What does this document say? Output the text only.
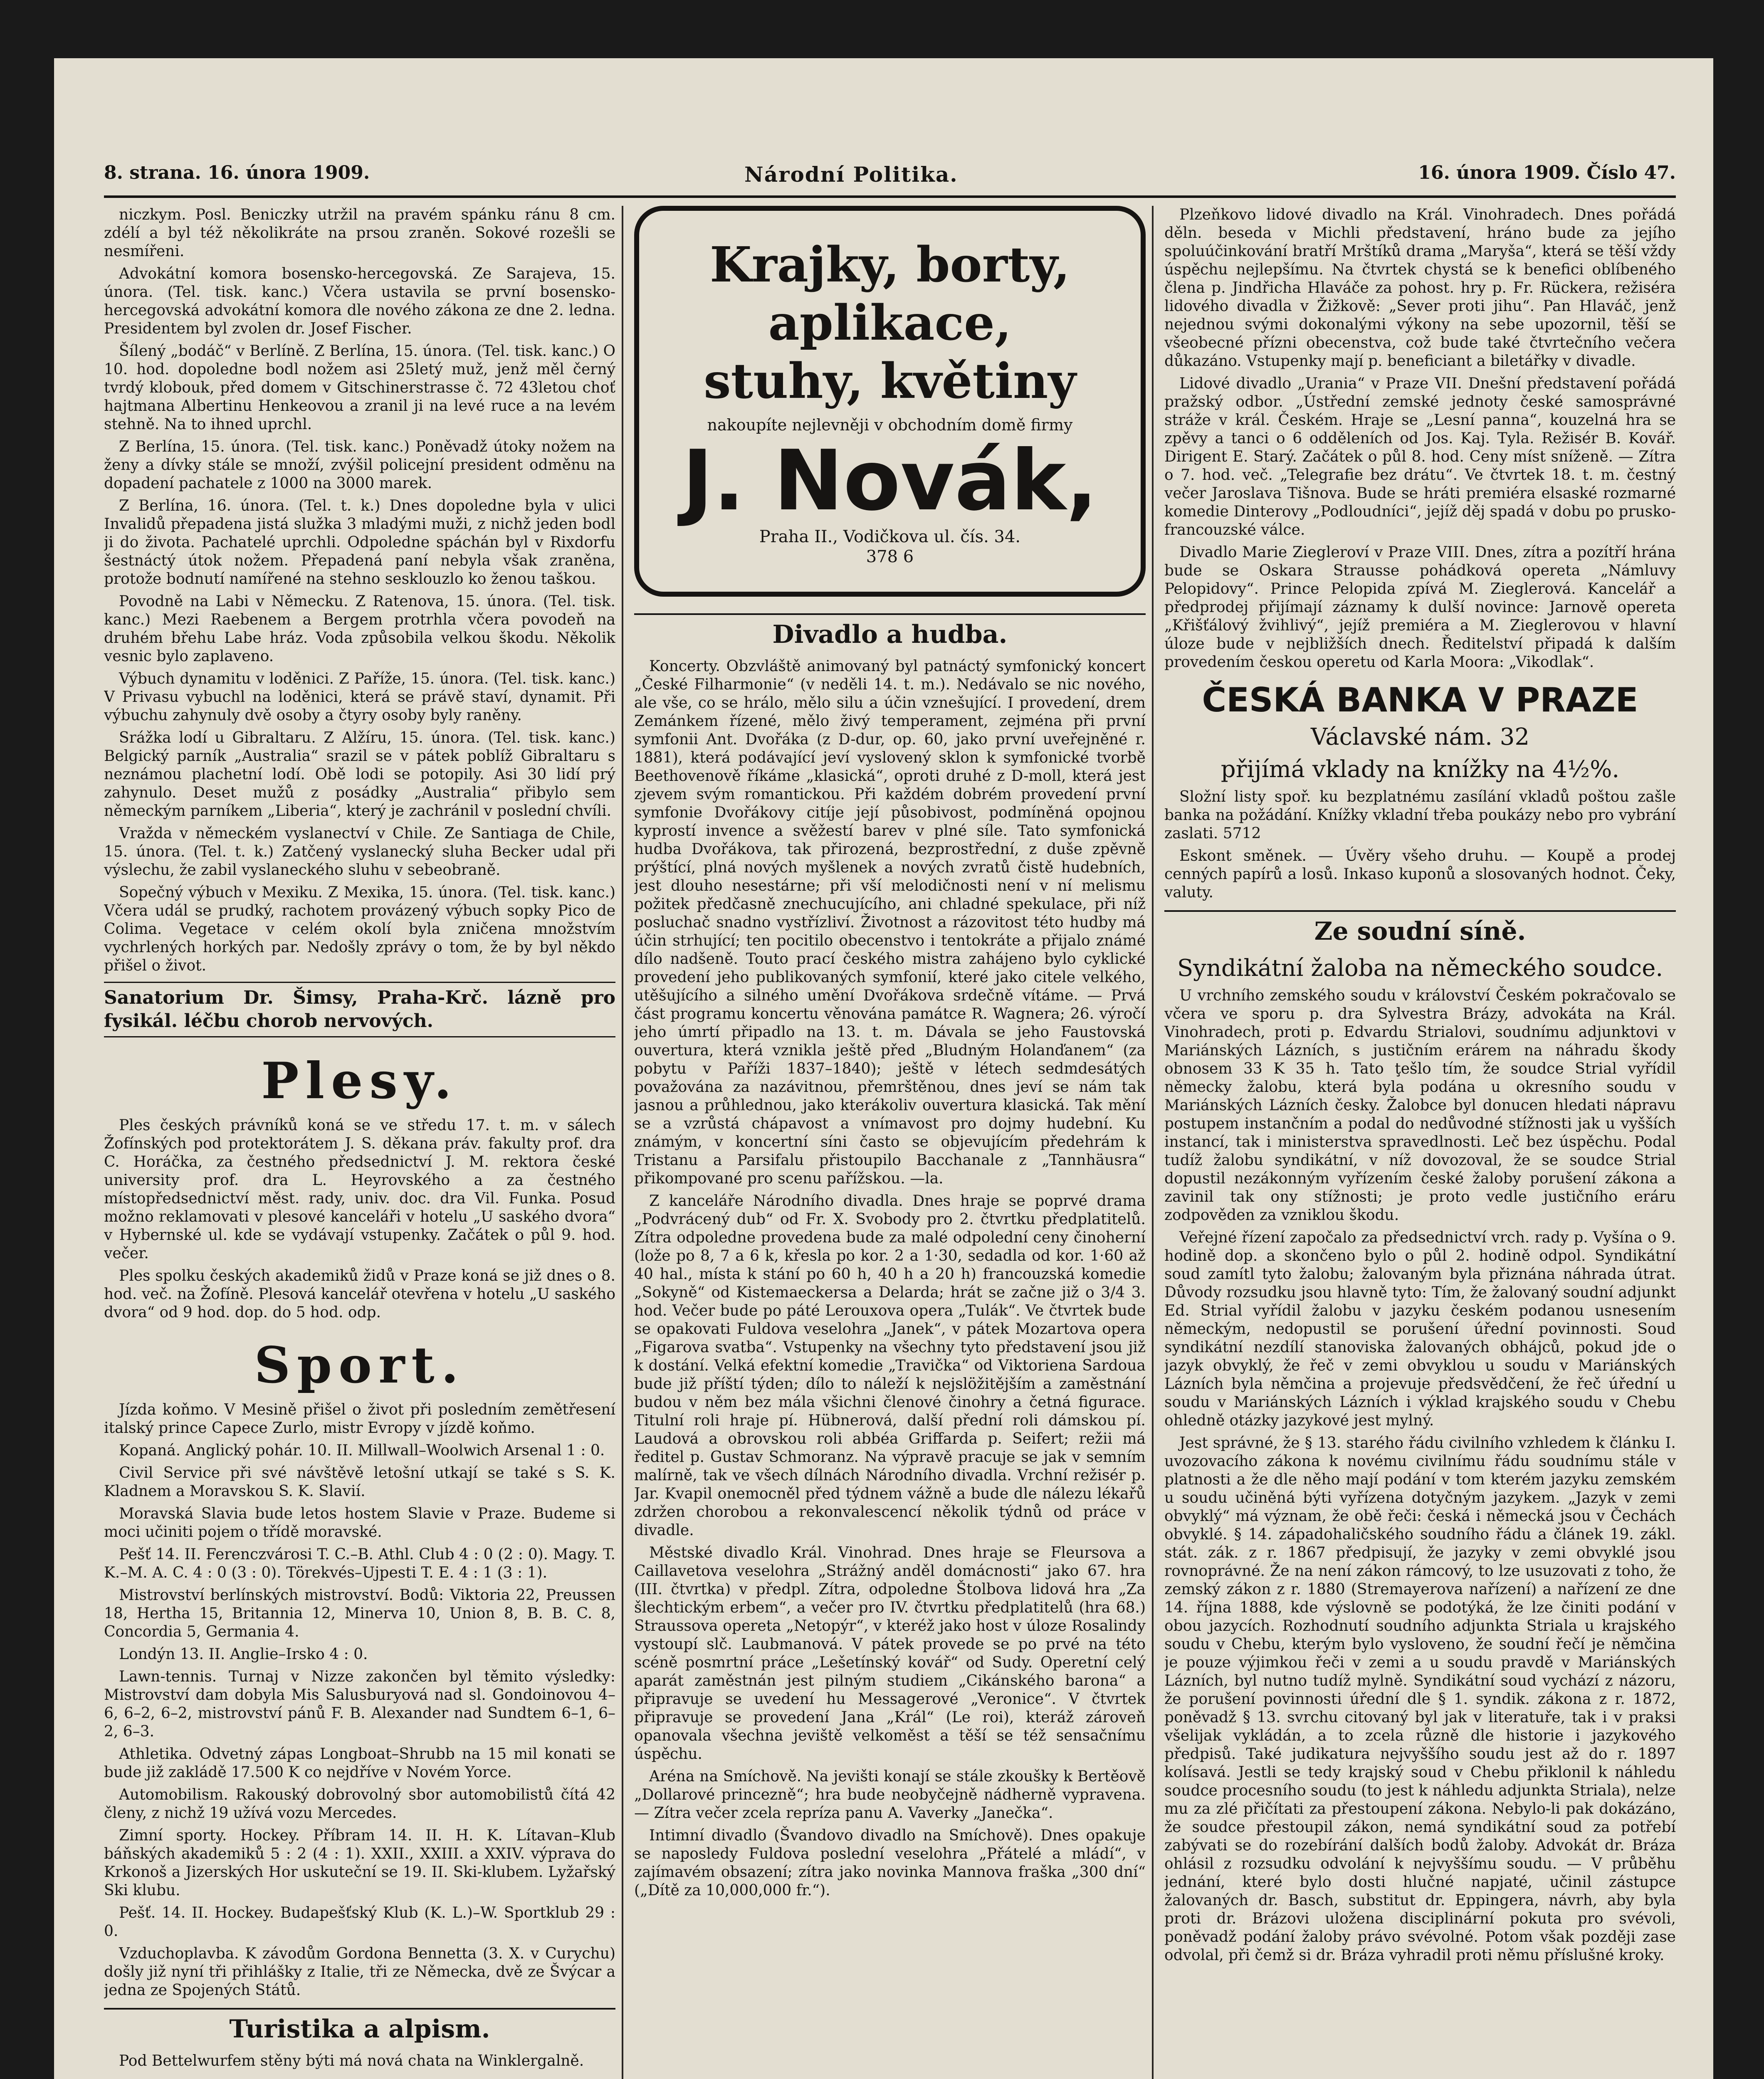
8. strana. 16. února 1909.	Národní Politika.	16. února 1909. Číslo 47.

niczkym. Posl. Beniczky utržil na pravém spánku ránu 8 cm. zdélí a byl též několikráte na prsou zraněn. Sokové rozešli se nesmířeni.

Advokátní komora bosensko-hercegovská. Ze Sarajeva, 15. února. (Tel. tisk. kanc.) Včera ustavila se první bosensko-hercegovská advokátní komora dle nového zákona ze dne 2. ledna. Presidentem byl zvolen dr. Josef Fischer.

Šílený „bodáč“ v Berlíně. Z Berlína, 15. února. (Tel. tisk. kanc.) O 10. hod. dopoledne bodl nožem asi 25letý muž, jenž měl černý tvrdý klobouk, před domem v Gitschinerstrasse č. 72 43letou choť hajtmana Albertinu Henkeovou a zranil ji na levé ruce a na levém stehně. Na to ihned uprchl.

Z Berlína, 15. února. (Tel. tisk. kanc.) Poněvadž útoky nožem na ženy a dívky stále se množí, zvýšil policejní president odměnu na dopadení pachatele z 1000 na 3000 marek.

Z Berlína, 16. února. (Tel. t. k.) Dnes dopoledne byla v ulici Invalidů přepadena jistá služka 3 mladými muži, z nichž jeden bodl ji do života. Pachatelé uprchli. Odpoledne spáchán byl v Rixdorfu šestnáctý útok nožem. Přepadená paní nebyla však zraněna, protože bodnutí namířené na stehno sesklouzlo ko ženou taškou.

Povodně na Labi v Německu. Z Ratenova, 15. února. (Tel. tisk. kanc.) Mezi Raebenem a Bergem protrhla včera povodeň na druhém břehu Labe hráz. Voda způsobila velkou škodu. Několik vesnic bylo zaplaveno.

Výbuch dynamitu v loděnici. Z Paříže, 15. února. (Tel. tisk. kanc.) V Privasu vybuchl na loděnici, která se právě staví, dynamit. Při výbuchu zahynuly dvě osoby a čtyry osoby byly raněny.

Srážka lodí u Gibraltaru. Z Alžíru, 15. února. (Tel. tisk. kanc.) Belgický parník „Australia“ srazil se v pátek poblíž Gibraltaru s neznámou plachetní lodí. Obě lodi se potopily. Asi 30 lidí prý zahynulo. Deset mužů z posádky „Australia“ přibylo sem německým parníkem „Liberia“, který je zachránil v poslední chvíli.

Vražda v německém vyslanectví v Chile. Ze Santiaga de Chile, 15. února. (Tel. t. k.) Zatčený vyslanecký sluha Becker udal při výslechu, že zabil vyslaneckého sluhu v sebeobraně.

Sopečný výbuch v Mexiku. Z Mexika, 15. února. (Tel. tisk. kanc.) Včera udál se prudký, rachotem provázený výbuch sopky Pico de Colima. Vegetace v celém okolí byla zničena množstvím vychrlených horkých par. Nedošly zprávy o tom, že by byl někdo přišel o život.

Sanatorium Dr. Šimsy, Praha-Krč. lázně pro fysikál. léčbu chorob nervových.
Plesy.

Ples českých právníků koná se ve středu 17. t. m. v sálech Žofínských pod protektorátem J. S. děkana práv. fakulty prof. dra C. Horáčka, za čestného předsednictví J. M. rektora české university prof. dra L. Heyrovského a za čestného místopředsednictví měst. rady, univ. doc. dra Vil. Funka. Posud možno reklamovati v plesové kanceláři v hotelu „U saského dvora“ v Hybernské ul. kde se vydávají vstupenky. Začátek o půl 9. hod. večer.

Ples spolku českých akademiků židů v Praze koná se již dnes o 8. hod. več. na Žofíně. Plesová kancelář otevřena v hotelu „U saského dvora“ od 9 hod. dop. do 5 hod. odp.

Sport.

Jízda koňmo. V Mesině přišel o život při posledním zemětřesení italský prince Capece Zurlo, mistr Evropy v jízdě koňmo.

Kopaná. Anglický pohár. 10. II. Millwall–Woolwich Arsenal 1 : 0.

Civil Service při své návštěvě letošní utkají se také s S. K. Kladnem a Moravskou S. K. Slavií.

Moravská Slavia bude letos hostem Slavie v Praze. Budeme si moci učiniti pojem o třídě moravské.

Pešť 14. II. Ferenczvárosi T. C.–B. Athl. Club 4 : 0 (2 : 0). Magy. T. K.–M. A. C. 4 : 0 (3 : 0). Törekvés–Ujpesti T. E. 4 : 1 (3 : 1).

Mistrovství berlínských mistrovství. Bodů: Viktoria 22, Preussen 18, Hertha 15, Britannia 12, Minerva 10, Union 8, B. B. C. 8, Concordia 5, Germania 4.

Londýn 13. II. Anglie–Irsko 4 : 0.

Lawn-tennis. Turnaj v Nizze zakončen byl těmito výsledky: Mistrovství dam dobyla Mis Salusburyová nad sl. Gondoinovou 4–6, 6–2, 6–2, mistrovství pánů F. B. Alexander nad Sundtem 6–1, 6–2, 6–3.

Athletika. Odvetný zápas Longboat–Shrubb na 15 mil konati se bude již zakládě 17.500 K co nejdříve v Novém Yorce.

Automobilism. Rakouský dobrovolný sbor automobilistů čítá 42 členy, z nichž 19 užívá vozu Mercedes.

Zimní sporty. Hockey. Příbram 14. II. H. K. Lítavan–Klub báňských akademiků 5 : 2 (4 : 1). XXII., XXIII. a XXIV. výprava do Krkonoš a Jizerských Hor uskuteční se 19. II. Ski-klubem. Lyžařský Ski klubu.

Pešť. 14. II. Hockey. Budapešťský Klub (K. L.)–W. Sportklub 29 : 0.

Vzduchoplavba. K závodům Gordona Bennetta (3. X. v Curychu) došly již nyní tři přihlášky z Italie, tři ze Německa, dvě ze Švýcar a jedna ze Spojených Států.

Turistika a alpism.

Pod Bettelwurfem stěny býti má nová chata na Winklergalně.

Krajky, borty,
aplikace,
stuhy, květiny
nakoupíte nejlevněji v obchodním domě firmy
J. Novák,
Praha II., Vodičkova ul. čís. 34.
378 6
Divadlo a hudba.

Koncerty. Obzvláště animovaný byl patnáctý symfonický koncert „České Filharmonie“ (v neděli 14. t. m.). Nedávalo se nic nového, ale vše, co se hrálo, mělo silu a účin vznešující. I provedení, drem Zemánkem řízené, mělo živý temperament, zejména při první symfonii Ant. Dvořáka (z D-dur, op. 60, jako první uveřejněné r. 1881), která podávající jeví vyslovený sklon k symfonické tvorbě Beethovenově říkáme „klasická“, oproti druhé z D-moll, která jest zjevem svým romantickou. Při každém dobrém provedení první symfonie Dvořákovy citíje její působivost, podmíněná opojnou kyprostí invence a svěžestí barev v plné síle. Tato symfonická hudba Dvořákova, tak přirozená, bezprostřední, z duše zpěvně prýštící, plná nových myšlenek a nových zvratů čistě hudebních, jest dlouho nesestárne; při vší melodičnosti není v ní melismu požitek předčasně znechucujícího, ani chladné spekulace, při níž posluchač snadno vystřízliví. Životnost a rázovitost této hudby má účin strhující; ten pocitilo obecenstvo i tentokráte a přijalo známé dílo nadšeně. Touto prací českého mistra zahájeno bylo cyklické provedení jeho publikovaných symfonií, které jako citele velkého, utěšujícího a silného umění Dvořákova srdečně vítáme. — Prvá část programu koncertu věnována památce R. Wagnera; 26. výročí jeho úmrtí připadlo na 13. t. m. Dávala se jeho Faustovská ouvertura, která vznikla ještě před „Bludným Holanďanem“ (za pobytu v Paříži 1837–1840); ještě v létech sedmdesátých považována za nazávitnou, přemrštěnou, dnes jeví se nám tak jasnou a průhlednou, jako kterákoliv ouvertura klasická. Tak mění se a vzrůstá chápavost a vnímavost pro dojmy hudební. Ku známým, v koncertní síni často se objevujícím předehrám k Tristanu a Parsifalu přistoupilo Bacchanale z „Tannhäusra“ přikompované pro scenu pařížskou. —la.

Z kanceláře Národního divadla. Dnes hraje se poprvé drama „Podvrácený dub“ od Fr. X. Svobody pro 2. čtvrtku předplatitelů. Zítra odpoledne provedena bude za malé odpolední ceny činoherní (lože po 8, 7 a 6 k, křesla po kor. 2 a 1·30, sedadla od kor. 1·60 až 40 hal., místa k stání po 60 h, 40 h a 20 h) francouzská komedie „Sokyně“ od Kistemaeckersa a Delarda; hrát se začne již o 3/4 3. hod. Večer bude po páté Lerouxova opera „Tulák“. Ve čtvrtek bude se opakovati Fuldova veselohra „Janek“, v pátek Mozartova opera „Figarova svatba“. Vstupenky na všechny tyto představení jsou již k dostání. Velká efektní komedie „Travička“ od Viktoriena Sardoua bude již příští týden; dílo to náleží k nejslöžitějším a zaměstnání budou v něm bez mála všichni členové činohry a četná figurace. Titulní roli hraje pí. Hübnerová, další přední roli dámskou pí. Laudová a obrovskou roli abbéa Griffarda p. Seifert; režii má ředitel p. Gustav Schmoranz. Na výpravě pracuje se jak v semním malírně, tak ve všech dílnách Národního divadla. Vrchní režisér p. Jar. Kvapil onemocněl před týdnem vážně a bude dle nálezu lékařů zdržen chorobou a rekonvalescencí několik týdnů od práce v divadle.

Městské divadlo Král. Vinohrad. Dnes hraje se Fleursova a Caillavetova veselohra „Strážný anděl domácnosti“ jako 67. hra (III. čtvrtka) v předpl. Zítra, odpoledne Štolbova lidová hra „Za šlechtickým erbem“, a večer pro IV. čtvrtku předplatitelů (hra 68.) Straussova opereta „Netopýr“, v kteréž jako host v úloze Rosalindy vystoupí slč. Laubmanová. V pátek provede se po prvé na této scéně posmrtní práce „Lešetínský kovář“ od Sudy. Operetní celý aparát zaměstnán jest pilným studiem „Cikánského barona“ a připravuje se uvedení hu Messagerové „Veronice“. V čtvrtek připravuje se provedení Jana „Král“ (Le roi), kteráž zároveň opanovala všechna jeviště velkoměst a těší se též sensačnímu úspěchu.

Aréna na Smíchově. Na jevišti konají se stále zkoušky k Bertěově „Dollarové princezně“; hra bude neobyčejně nádherně vypravena. — Zítra večer zcela repríza panu A. Vaverky „Janečka“.

Intimní divadlo (Švandovo divadlo na Smíchově). Dnes opakuje se naposledy Fuldova poslední veselohra „Přátelé a mládí“, v zajímavém obsazení; zítra jako novinka Mannova fraška „300 dní“ („Dítě za 10,000,000 fr.“).

Plzeňkovo lidové divadlo na Král. Vinohradech. Dnes pořádá děln. beseda v Michli představení, hráno bude za jejího spoluúčinkování bratří Mrštíků drama „Maryša“, která se těší vždy úspěchu nejlepšímu. Na čtvrtek chystá se k benefici oblíbeného člena p. Jindřicha Hlaváče za pohost. hry p. Fr. Rückera, režiséra lidového divadla v Žižkově: „Sever proti jihu“. Pan Hlaváč, jenž nejednou svými dokonalými výkony na sebe upozornil, těší se všeobecné přízni obecenstva, což bude také čtvrtečního večera důkazáno. Vstupenky mají p. beneficiant a biletářky v divadle.

Lidové divadlo „Urania“ v Praze VII. Dnešní představení pořádá pražský odbor. „Ústřední zemské jednoty české samosprávné stráže v král. Českém. Hraje se „Lesní panna“, kouzelná hra se zpěvy a tanci o 6 odděleních od Jos. Kaj. Tyla. Režisér B. Kovář. Dirigent E. Starý. Začátek o půl 8. hod. Ceny míst sníženě. — Zítra o 7. hod. več. „Telegrafie bez drátu“. Ve čtvrtek 18. t. m. čestný večer Jaroslava Tišnova. Bude se hráti premiéra elsaské rozmarné komedie Dinterovy „Podloudníci“, jejíž děj spadá v dobu po prusko-francouzské válce.

Divadlo Marie Ziegleroví v Praze VIII. Dnes, zítra a pozítří hrána bude se Oskara Strausse pohádková opereta „Námluvy Pelopidovy“. Prince Pelopida zpívá M. Zieglerová. Kancelář a předprodej přijímají záznamy k dulší novince: Jarnově opereta „Křišťálový žvihlivý“, jejíž premiéra a M. Zieglerovou v hlavní úloze bude v nejbližších dnech. Ředitelství připadá k dalším provedením českou operetu od Karla Moora: „Vikodlak“.

ČESKÁ BANKA V PRAZE
Václavské nám. 32
přijímá vklady na knížky na 4½%.

Složní listy spoř. ku bezplatnému zasílání vkladů poštou zašle banka na požádání. Knížky vkladní třeba poukázy nebo pro vybrání zaslati. 5712

Eskont směnek. — Úvěry všeho druhu. — Koupě a prodej cenných papírů a losů. Inkaso kuponů a slosovaných hodnot. Čeky, valuty.

Ze soudní síně.
Syndikátní žaloba na německého soudce.

U vrchního zemského soudu v království Českém pokračovalo se včera ve sporu p. dra Sylvestra Brázy, advokáta na Král. Vinohradech, proti p. Edvardu Strialovi, soudnímu adjunktovi v Mariánských Lázních, s justičním erárem na náhradu škody obnosem 33 K 35 h. Tato ţešlo tím, že soudce Strial vyřídil německy žalobu, která byla podána u okresního soudu v Mariánských Lázních česky. Žalobce byl donucen hledati nápravu postupem instančním a podal do nedůvodné stížnosti jak u vyšších instancí, tak i ministerstva spravedlnosti. Leč bez úspěchu. Podal tudíž žalobu syndikátní, v níž dovozoval, že se soudce Strial dopustil nezákonným vyřízením české žaloby porušení zákona a zavinil tak ony stížnosti; je proto vedle justičního eráru zodpověden za vzniklou škodu.

Veřejné řízení započalo za předsednictví vrch. rady p. Vyšína o 9. hodině dop. a skončeno bylo o půl 2. hodině odpol. Syndikátní soud zamítl tyto žalobu; žalovaným byla přiznána náhrada útrat. Důvody rozsudku jsou hlavně tyto: Tím, že žalovaný soudní adjunkt Ed. Strial vyřídil žalobu v jazyku českém podanou usnesením německým, nedopustil se porušení úřední povinnosti. Soud syndikátní nezdílí stanoviska žalovaných obhájců, pokud jde o jazyk obvyklý, že řeč v zemi obvyklou u soudu v Mariánských Lázních byla němčina a projevuje předsvědčení, že řeč úřední u soudu v Mariánských Lázních i výklad krajského soudu v Chebu ohledně otázky jazykové jest mylný.

Jest správné, že § 13. starého řádu civilního vzhledem k článku I. uvozovacího zákona k novému civilnímu řádu soudnímu stále v platnosti a že dle něho mají podání v tom kterém jazyku zemském u soudu učiněná býti vyřízena dotyčným jazykem. „Jazyk v zemi obvyklý“ má význam, že obě řeči: česká i německá jsou v Čechách obvyklé. § 14. západohaličského soudního řádu a článek 19. zákl. stát. zák. z r. 1867 předpisují, že jazyky v zemi obvyklé jsou rovnoprávné. Že na není zákon rámcový, to lze usuzovati z toho, že zemský zákon z r. 1880 (Stremayerova nařízení) a nařízení ze dne 14. října 1888, kde výslovně se podotýká, že lze činiti podání v obou jazycích. Rozhodnutí soudního adjunkta Striala u krajského soudu v Chebu, kterým bylo vysloveno, že soudní řečí je němčina je pouze výjimkou řeči v zemi a u soudu pravdě v Mariánských Lázních, byl nutno tudíž mylně. Syndikátní soud vychází z názoru, že porušení povinnosti úřední dle § 1. syndik. zákona z r. 1872, poněvadž § 13. svrchu citovaný byl jak v literatuře, tak i v praksi všelijak vykládán, a to zcela různě dle historie i jazykového předpisů. Také judikatura nejvyššího soudu jest až do r. 1897 kolísavá. Jestli se tedy krajský soud v Chebu přiklonil k náhledu soudce procesního soudu (to jest k náhledu adjunkta Striala), nelze mu za zlé přičítati za přestoupení zákona. Nebylo-li pak dokázáno, že soudce přestoupil zákon, nemá syndikátní soud za potřebí zabývati se do rozebírání dalších bodů žaloby. Advokát dr. Bráza ohlásil z rozsudku odvolání k nejvyššímu soudu. — V průběhu jednání, které bylo dosti hlučné napjaté, učinil zástupce žalovaných dr. Basch, substitut dr. Eppingera, návrh, aby byla proti dr. Brázovi uložena disciplinární pokuta pro svévoli, poněvadž podání žaloby právo svévolné. Potom však později zase odvolal, při čemž si dr. Bráza vyhradil proti němu příslušné kroky.
